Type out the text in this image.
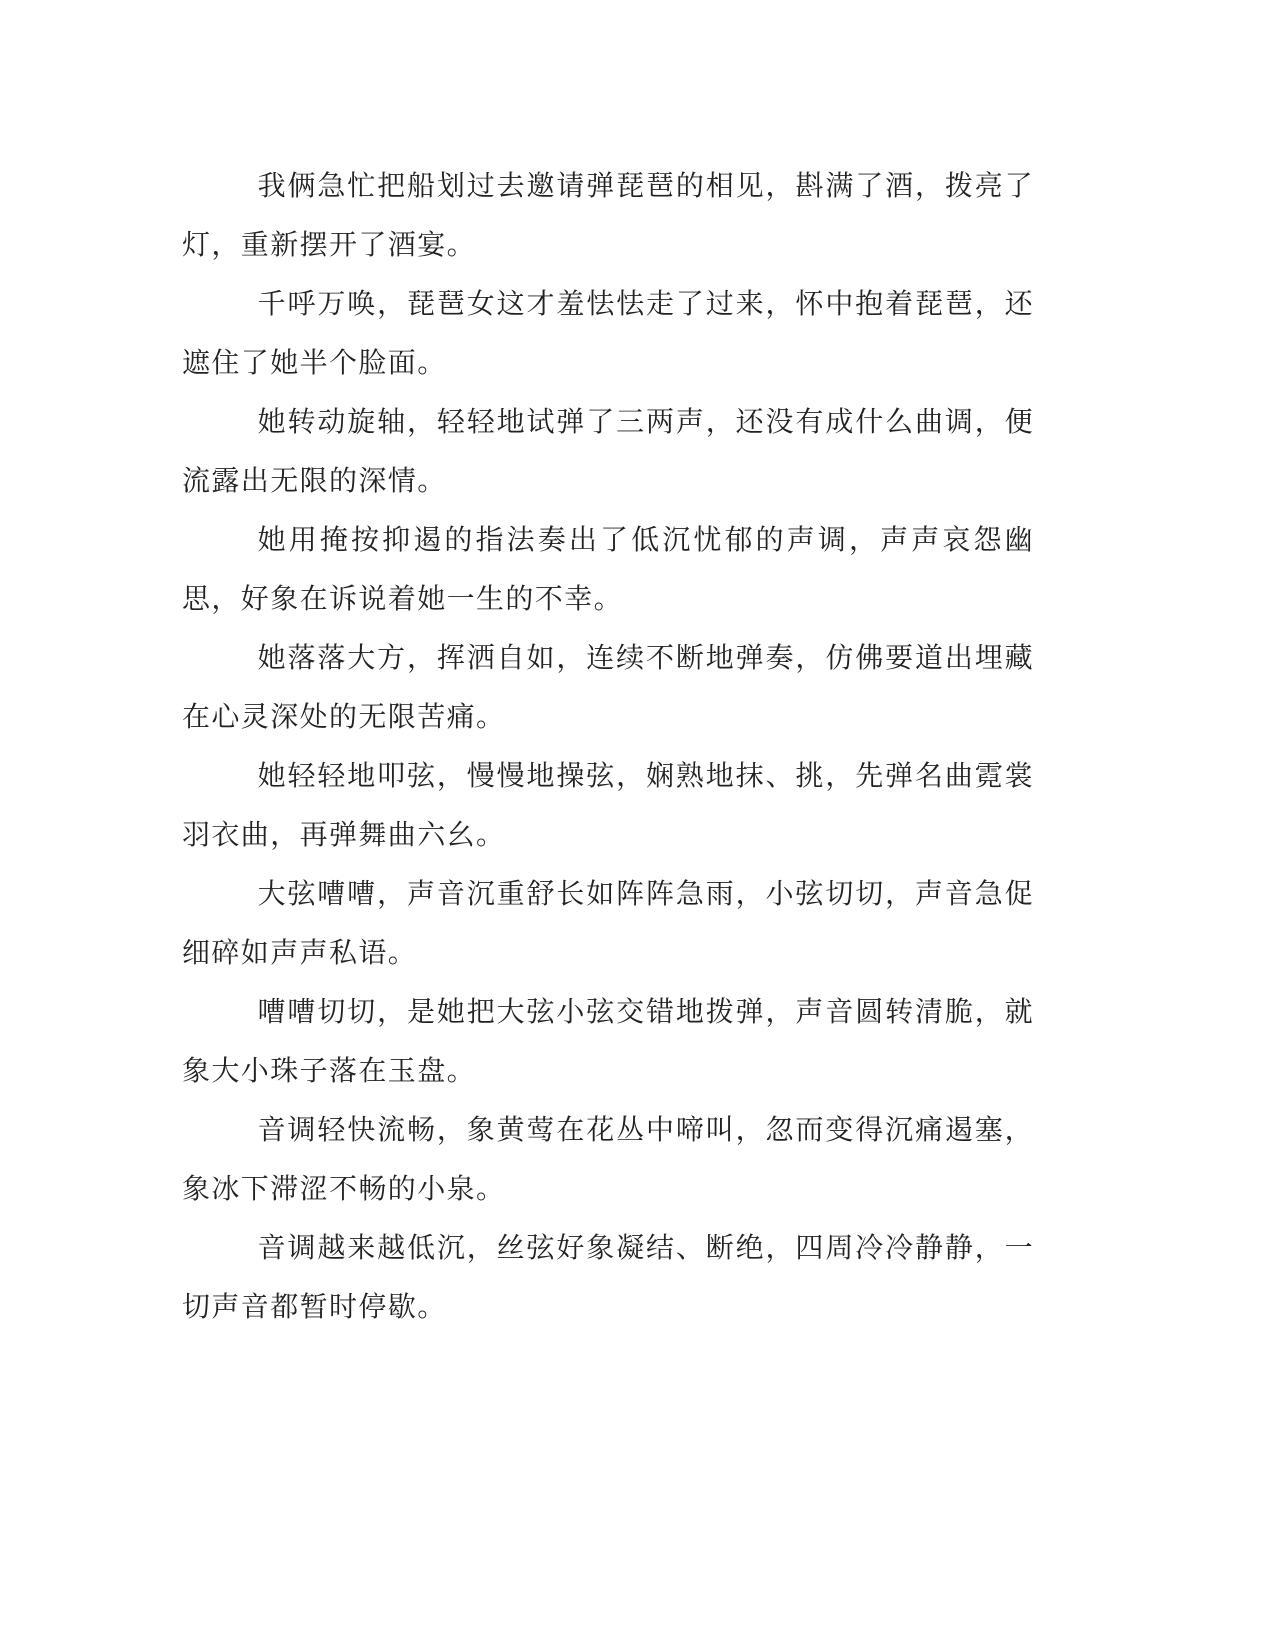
我俩急忙把船划过去邀请弹琵琶的相见，斟满了酒，拨亮了灯，重新摆开了酒宴。

千呼万唤，琵琶女这才羞怯怯走了过来，怀中抱着琵琶，还遮住了她半个脸面。

她转动旋轴，轻轻地试弹了三两声，还没有成什么曲调，便流露出无限的深情。

她用掩按抑遏的指法奏出了低沉忧郁的声调，声声哀怨幽思，好象在诉说着她一生的不幸。

她落落大方，挥洒自如，连续不断地弹奏，仿佛要道出埋藏在心灵深处的无限苦痛。

她轻轻地叩弦，慢慢地操弦，娴熟地抹、挑，先弹名曲霓裳羽衣曲，再弹舞曲六幺。

大弦嘈嘈，声音沉重舒长如阵阵急雨，小弦切切，声音急促细碎如声声私语。

嘈嘈切切，是她把大弦小弦交错地拨弹，声音圆转清脆，就象大小珠子落在玉盘。

音调轻快流畅，象黄莺在花丛中啼叫，忽而变得沉痛遏塞，象冰下滞涩不畅的小泉。

音调越来越低沉，丝弦好象凝结、断绝，四周冷冷静静，一切声音都暂时停歇。
